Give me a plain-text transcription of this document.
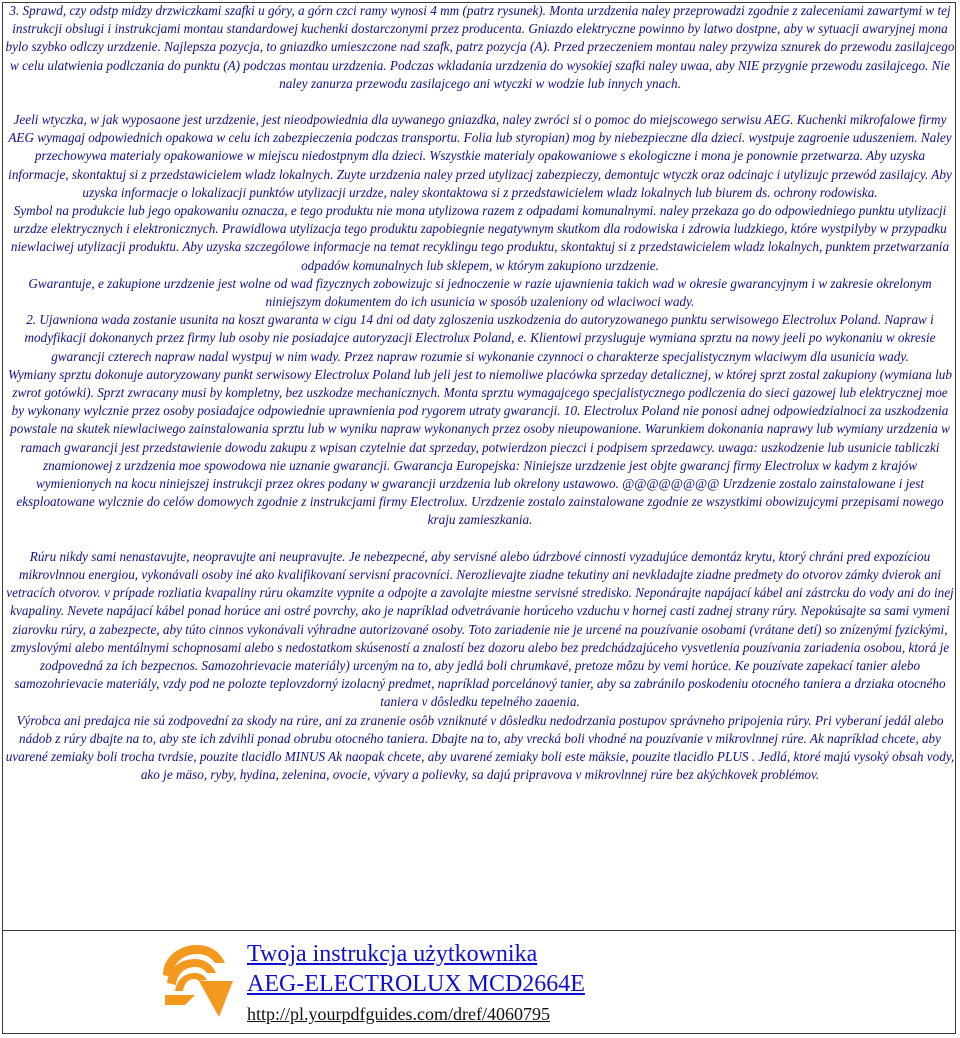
3. Sprawd, czy odstp midzy drzwiczkami szafki u góry, a górn czci ramy wynosi 4 mm (patrz rysunek). Monta urzdzenia naley przeprowadzi zgodnie z zaleceniami zawartymi w tej instrukcji obslugi i instrukcjami montau standardowej kuchenki dostarczonymi przez producenta. Gniazdo elektryczne powinno by latwo dostpne, aby w sytuacji awaryjnej mona bylo szybko odlczy urzdzenie. Najlepsza pozycja, to gniazdko umieszczone nad szafk, patrz pozycja (A). Przed przeczeniem montau naley przywiza sznurek do przewodu zasilajcego w celu ulatwienia podlczania do punktu (A) podczas montau urzdzenia. Podczas wkladania urzdzenia do wysokiej szafki naley uwaa, aby NIE przygnie przewodu zasilajcego. Nie naley zanurza przewodu zasilajcego ani wtyczki w wodzie lub innych ynach.

Jeeli wtyczka, w jak wyposaone jest urzdzenie, jest nieodpowiednia dla uywanego gniazdka, naley zwróci si o pomoc do miejscowego serwisu AEG. Kuchenki mikrofalowe firmy AEG wymagaj odpowiednich opakowa w celu ich zabezpieczenia podczas transportu. Folia lub styropian) mog by niebezpieczne dla dzieci. wystpuje zagroenie uduszeniem. Naley przechowywa materialy opakowaniowe w miejscu niedostpnym dla dzieci. Wszystkie materialy opakowaniowe s ekologiczne i mona je ponownie przetwarza. Aby uzyska informacje, skontaktuj si z przedstawicielem wladz lokalnych. Zuyte urzdzenia naley przed utylizacj zabezpieczy, demontujc wtyczk oraz odcinajc i utylizujc przewód zasilajcy. Aby uzyska informacje o lokalizacji punktów utylizacji urzdze, naley skontaktowa si z przedstawicielem wladz lokalnych lub biurem ds. ochrony rodowiska.

Symbol na produkcie lub jego opakowaniu oznacza, e tego produktu nie mona utylizowa razem z odpadami komunalnymi. naley przekaza go do odpowiedniego punktu utylizacji urzdze elektrycznych i elektronicznych. Prawidlowa utylizacja tego produktu zapobiegnie negatywnym skutkom dla rodowiska i zdrowia ludzkiego, które wystpilyby w przypadku niewlaciwej utylizacji produktu. Aby uzyska szczególowe informacje na temat recyklingu tego produktu, skontaktuj si z przedstawicielem wladz lokalnych, punktem przetwarzania odpadów komunalnych lub sklepem, w którym zakupiono urzdzenie.

Gwarantuje, e zakupione urzdzenie jest wolne od wad fizycznych zobowizujc si jednoczenie w razie ujawnienia takich wad w okresie gwarancyjnym i w zakresie okrelonym niniejszym dokumentem do ich usunicia w sposób uzaleniony od wlaciwoci wady.

2. Ujawniona wada zostanie usunita na koszt gwaranta w cigu 14 dni od daty zgloszenia uszkodzenia do autoryzowanego punktu serwisowego Electrolux Poland. Napraw i modyfikacji dokonanych przez firmy lub osoby nie posiadajce autoryzacji Electrolux Poland, e. Klientowi przysluguje wymiana sprztu na nowy jeeli po wykonaniu w okresie gwarancji czterech napraw nadal wystpuj w nim wady. Przez napraw rozumie si wykonanie czynnoci o charakterze specjalistycznym wlaciwym dla usunicia wady.

Wymiany sprztu dokonuje autoryzowany punkt serwisowy Electrolux Poland lub jeli jest to niemoliwe placówka sprzeday detalicznej, w której sprzt zostal zakupiony (wymiana lub zwrot gotówki). Sprzt zwracany musi by kompletny, bez uszkodze mechanicznych. Monta sprztu wymagajcego specjalistycznego podlczenia do sieci gazowej lub elektrycznej moe by wykonany wylcznie przez osoby posiadajce odpowiednie uprawnienia pod rygorem utraty gwarancji. 10. Electrolux Poland nie ponosi adnej odpowiedzialnoci za uszkodzenia powstale na skutek niewlaciwego zainstalowania sprztu lub w wyniku napraw wykonanych przez osoby nieupowanione. Warunkiem dokonania naprawy lub wymiany urzdzenia w ramach gwarancji jest przedstawienie dowodu zakupu z wpisan czytelnie dat sprzeday, potwierdzon pieczci i podpisem sprzedawcy. uwaga: uszkodzenie lub usunicie tabliczki znamionowej z urzdzenia moe spowodowa nie uznanie gwarancji. Gwarancja Europejska: Niniejsze urzdzenie jest objte gwarancj firmy Electrolux w kadym z krajów wymienionych na kocu niniejszej instrukcji przez okres podany w gwarancji urzdzenia lub okrelony ustawowo. @@@@@@@@ Urzdzenie zostalo zainstalowane i jest eksploatowane wylcznie do celów domowych zgodnie z instrukcjami firmy Electrolux. Urzdzenie zostalo zainstalowane zgodnie ze wszystkimi obowizujcymi przepisami nowego kraju zamieszkania.

Rúru nikdy sami nenastavujte, neopravujte ani neupravujte. Je nebezpecné, aby servisné alebo údrzbové cinnosti vyzadujúce demontáz krytu, ktorý chráni pred expozíciou mikrovlnnou energiou, vykonávali osoby iné ako kvalifikovaní servisní pracovníci. Nerozlievajte ziadne tekutiny ani nevkladajte ziadne predmety do otvorov zámky dvierok ani vetracích otvorov. v prípade rozliatia kvapaliny rúru okamzite vypnite a odpojte a zavolajte miestne servisné stredisko. Neponárajte napájací kábel ani zástrcku do vody ani do inej kvapaliny. Nevete napájací kábel ponad horúce ani ostré povrchy, ako je napríklad odvetrávanie horúceho vzduchu v hornej casti zadnej strany rúry. Nepokúsajte sa sami vymeni ziarovku rúry, a zabezpecte, aby túto cinnos vykonávali výhradne autorizované osoby. Toto zariadenie nie je urcené na pouzívanie osobami (vrátane detí) so znízenými fyzickými, zmyslovými alebo mentálnymi schopnosami alebo s nedostatkom skúseností a znalostí bez dozoru alebo bez predchádzajúceho vysvetlenia pouzívania zariadenia osobou, ktorá je zodpovedná za ich bezpecnos. Samozohrievacie materiály) urceným na to, aby jedlá boli chrumkavé, pretoze môzu by vemi horúce. Ke pouzívate zapekací tanier alebo samozohrievacie materiály, vzdy pod ne polozte teplovzdorný izolacný predmet, napríklad porcelánový tanier, aby sa zabránilo poskodeniu otocného taniera a drziaka otocného taniera v dôsledku tepelného zaaenia.

Výrobca ani predajca nie sú zodpovední za skody na rúre, ani za zranenie osôb vzniknuté v dôsledku nedodrzania postupov správneho pripojenia rúry. Pri vyberaní jedál alebo nádob z rúry dbajte na to, aby ste ich zdvihli ponad obrubu otocného taniera. Dbajte na to, aby vrecká boli vhodné na pouzívanie v mikrovlnnej rúre. Ak napríklad chcete, aby uvarené zemiaky boli trocha tvrdsie, pouzite tlacidlo MINUS Ak naopak chcete, aby uvarené zemiaky boli este mäksie, pouzite tlacidlo PLUS . Jedlá, ktoré majú vysoký obsah vody, ako je mäso, ryby, hydina, zelenina, ovocie, vývary a polievky, sa dajú pripravova v mikrovlnnej rúre bez akýchkovek problémov.

Twoja instrukcja użytkownika
AEG-ELECTROLUX MCD2664E
http://pl.yourpdfguides.com/dref/4060795
